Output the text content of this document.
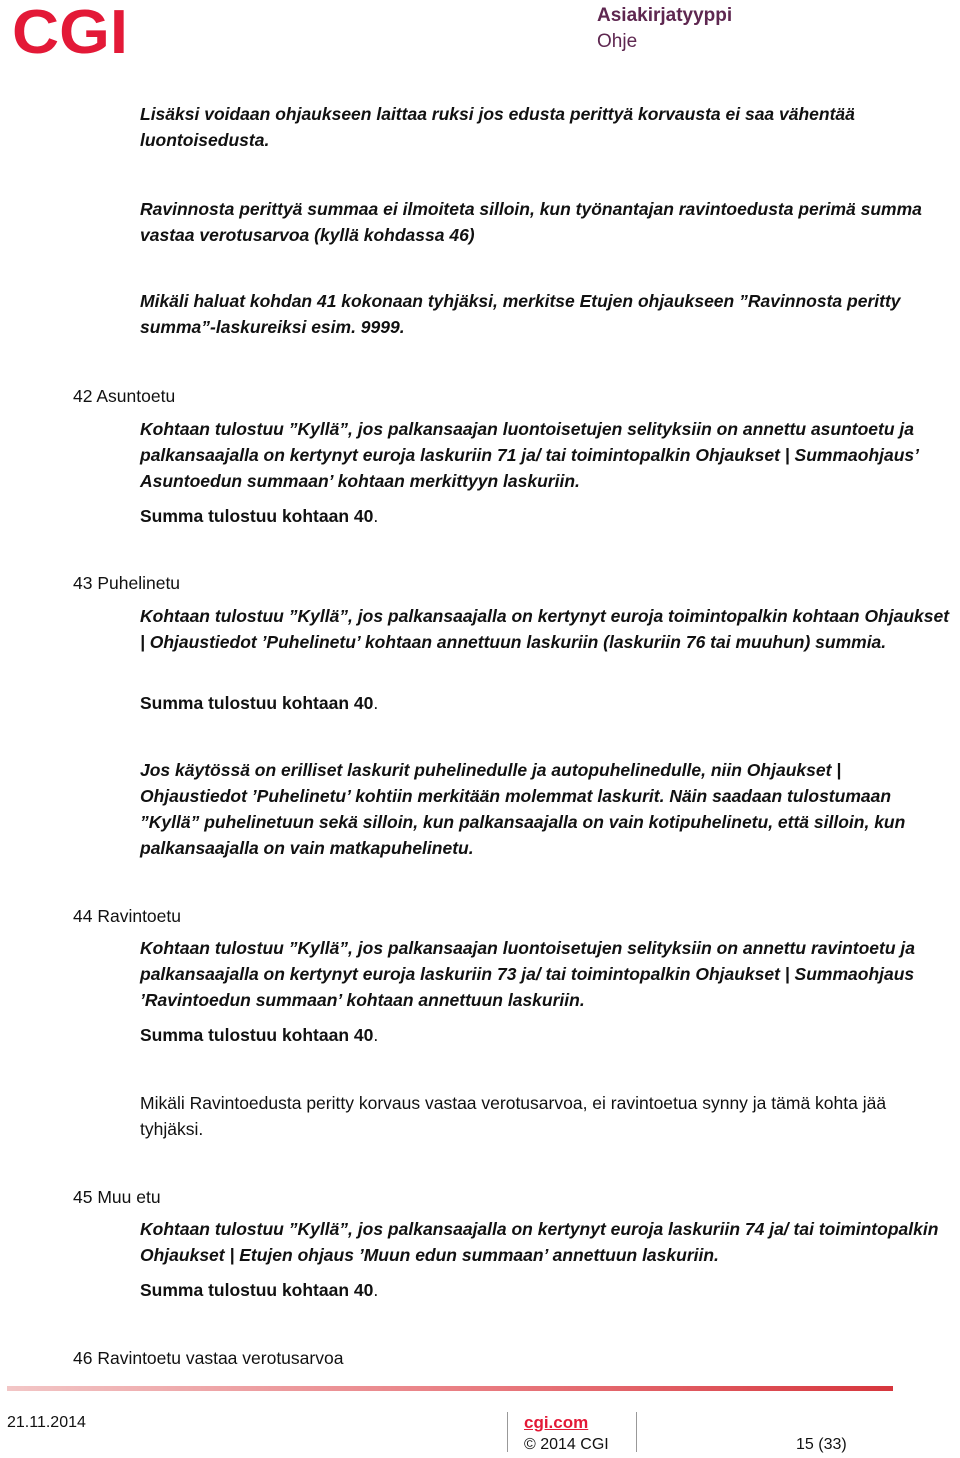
CGI	Asiakirjatyyppi
Ohje

Lisäksi voidaan ohjaukseen laittaa ruksi jos edusta perittyä korvausta ei saa vähentää luontoisedusta.

Ravinnosta perittyä summaa ei ilmoiteta silloin, kun työnantajan ravintoedusta perimä summa vastaa verotusarvoa (kyllä kohdassa 46)

Mikäli haluat kohdan 41 kokonaan tyhjäksi, merkitse Etujen ohjaukseen ”Ravinnosta peritty summa”-laskureiksi esim. 9999.

42 Asuntoetu

Kohtaan tulostuu ”Kyllä”, jos palkansaajan luontoisetujen selityksiin on annettu asuntoetu ja palkansaajalla on kertynyt euroja laskuriin 71 ja/ tai toimintopalkin Ohjaukset | Summaohjaus’ Asuntoedun summaan’ kohtaan merkittyyn laskuriin.

Summa tulostuu kohtaan 40.
43 Puhelinetu

Kohtaan tulostuu ”Kyllä”, jos palkansaajalla on kertynyt euroja toimintopalkin kohtaan Ohjaukset | Ohjaustiedot ’Puhelinetu’ kohtaan annettuun laskuriin (laskuriin 76 tai muuhun) summia.

Summa tulostuu kohtaan 40.

Jos käytössä on erilliset laskurit puhelinedulle ja autopuhelinedulle, niin Ohjaukset | Ohjaustiedot ’Puhelinetu’ kohtiin merkitään molemmat laskurit. Näin saadaan tulostumaan ”Kyllä” puhelinetuun sekä silloin, kun palkansaajalla on vain kotipuhelinetu, että silloin, kun palkansaajalla on vain matkapuhelinetu.

44 Ravintoetu

Kohtaan tulostuu ”Kyllä”, jos palkansaajan luontoisetujen selityksiin on annettu ravintoetu ja palkansaajalla on kertynyt euroja laskuriin 73 ja/ tai toimintopalkin Ohjaukset | Summaohjaus ’Ravintoedun summaan’ kohtaan annettuun laskuriin.

Summa tulostuu kohtaan 40.

Mikäli Ravintoedusta peritty korvaus vastaa verotusarvoa, ei ravintoetua synny ja tämä kohta jää tyhjäksi.

45 Muu etu

Kohtaan tulostuu ”Kyllä”, jos palkansaajalla on kertynyt euroja laskuriin 74 ja/ tai toimintopalkin Ohjaukset | Etujen ohjaus ’Muun edun summaan’ annettuun laskuriin.

Summa tulostuu kohtaan 40.
46 Ravintoetu vastaa verotusarvoa
21.11.2014	cgi.com
© 2014 CGI	15 (33)
